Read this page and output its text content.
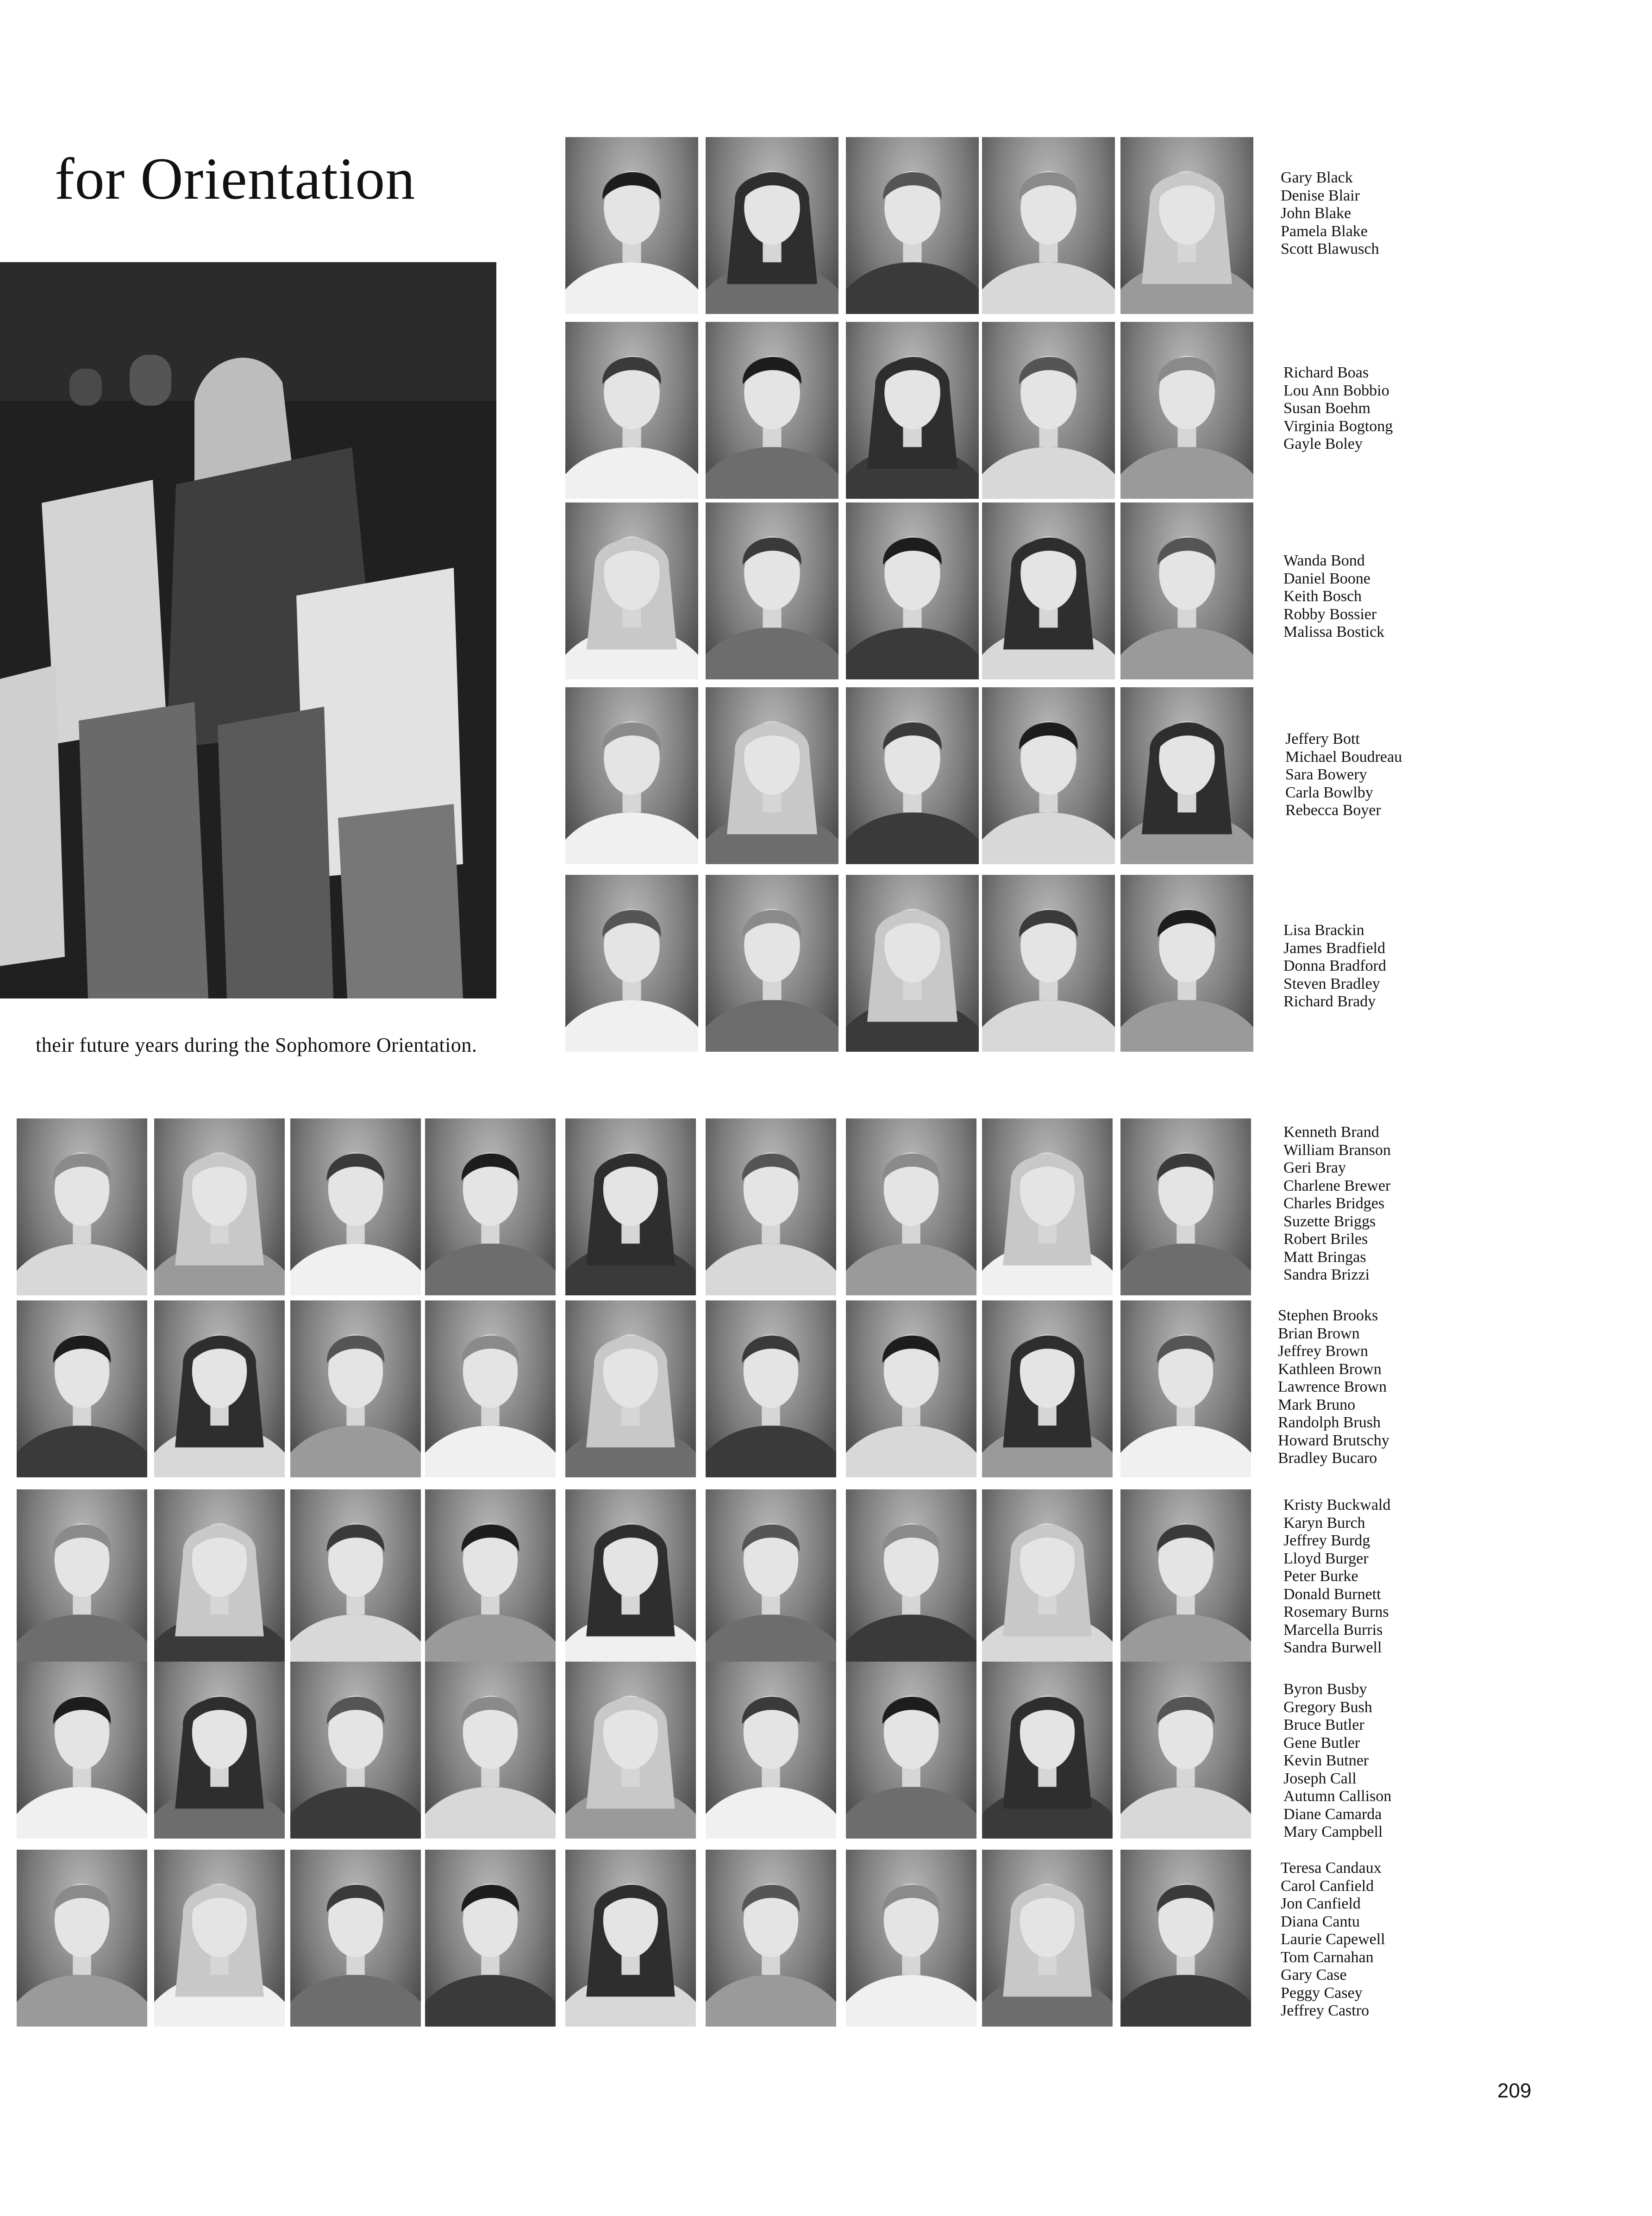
for Orientation
their future years during the Sophomore Orientation.
Gary Black
Denise Blair
John Blake
Pamela Blake
Scott Blawusch
Richard Boas
Lou Ann Bobbio
Susan Boehm
Virginia Bogtong
Gayle Boley
Wanda Bond
Daniel Boone
Keith Bosch
Robby Bossier
Malissa Bostick
Jeffery Bott
Michael Boudreau
Sara Bowery
Carla Bowlby
Rebecca Boyer
Lisa Brackin
James Bradfield
Donna Bradford
Steven Bradley
Richard Brady
Kenneth Brand
William Branson
Geri Bray
Charlene Brewer
Charles Bridges
Suzette Briggs
Robert Briles
Matt Bringas
Sandra Brizzi
Stephen Brooks
Brian Brown
Jeffrey Brown
Kathleen Brown
Lawrence Brown
Mark Bruno
Randolph Brush
Howard Brutschy
Bradley Bucaro
Kristy Buckwald
Karyn Burch
Jeffrey Burdg
Lloyd Burger
Peter Burke
Donald Burnett
Rosemary Burns
Marcella Burris
Sandra Burwell
Byron Busby
Gregory Bush
Bruce Butler
Gene Butler
Kevin Butner
Joseph Call
Autumn Callison
Diane Camarda
Mary Campbell
Teresa Candaux
Carol Canfield
Jon Canfield
Diana Cantu
Laurie Capewell
Tom Carnahan
Gary Case
Peggy Casey
Jeffrey Castro
209
